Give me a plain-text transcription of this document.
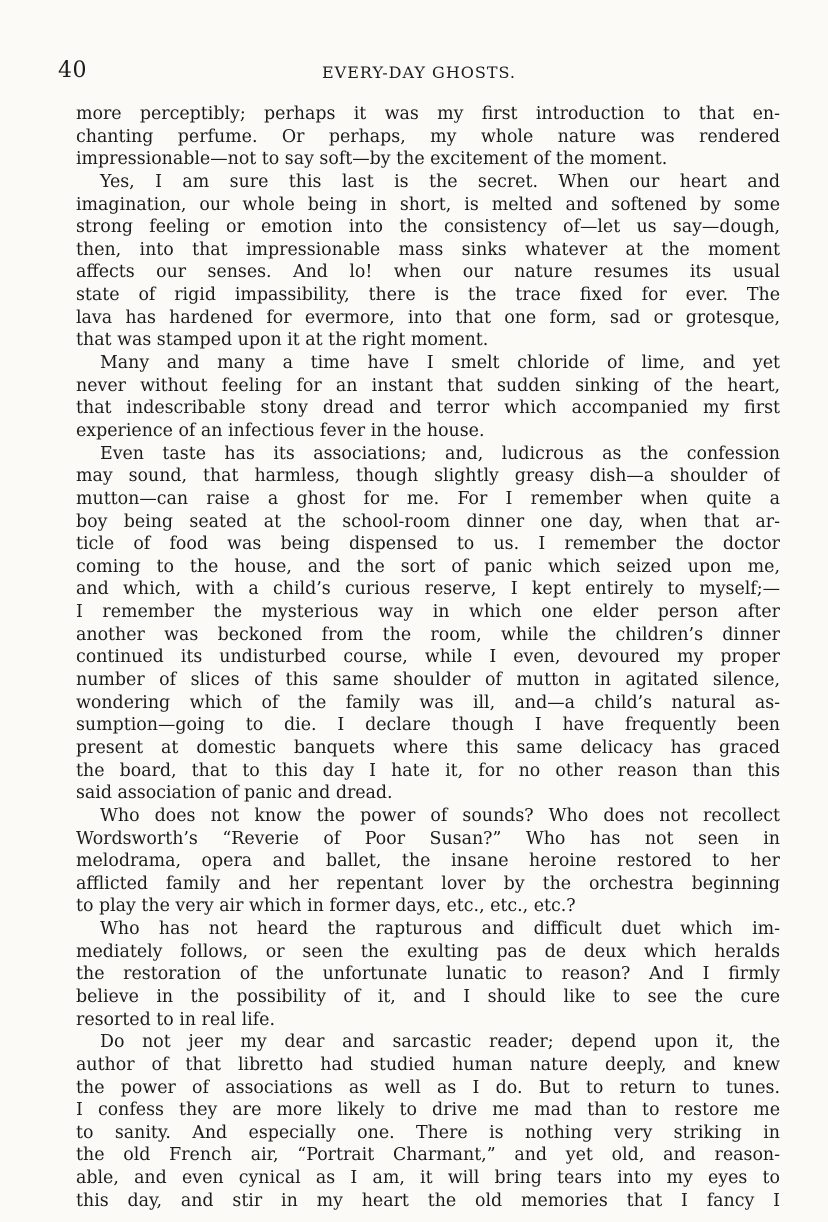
40	EVERY-DAY GHOSTS.
more perceptibly; perhaps it was my first introduction to that en-
chanting perfume. Or perhaps, my whole nature was rendered
impressionable—not to say soft—by the excitement of the moment.
Yes, I am sure this last is the secret. When our heart and
imagination, our whole being in short, is melted and softened by some
strong feeling or emotion into the consistency of—let us say—dough,
then, into that impressionable mass sinks whatever at the moment
affects our senses. And lo! when our nature resumes its usual
state of rigid impassibility, there is the trace fixed for ever. The
lava has hardened for evermore, into that one form, sad or grotesque,
that was stamped upon it at the right moment.
Many and many a time have I smelt chloride of lime, and yet
never without feeling for an instant that sudden sinking of the heart,
that indescribable stony dread and terror which accompanied my first
experience of an infectious fever in the house.
Even taste has its associations; and, ludicrous as the confession
may sound, that harmless, though slightly greasy dish—a shoulder of
mutton—can raise a ghost for me. For I remember when quite a
boy being seated at the school-room dinner one day, when that ar-
ticle of food was being dispensed to us. I remember the doctor
coming to the house, and the sort of panic which seized upon me,
and which, with a child’s curious reserve, I kept entirely to myself;—
I remember the mysterious way in which one elder person after
another was beckoned from the room, while the children’s dinner
continued its undisturbed course, while I even, devoured my proper
number of slices of this same shoulder of mutton in agitated silence,
wondering which of the family was ill, and—a child’s natural as-
sumption—going to die. I declare though I have frequently been
present at domestic banquets where this same delicacy has graced
the board, that to this day I hate it, for no other reason than this
said association of panic and dread.
Who does not know the power of sounds? Who does not recollect
Wordsworth’s “Reverie of Poor Susan?” Who has not seen in
melodrama, opera and ballet, the insane heroine restored to her
afflicted family and her repentant lover by the orchestra beginning
to play the very air which in former days, etc., etc., etc.?
Who has not heard the rapturous and difficult duet which im-
mediately follows, or seen the exulting pas de deux which heralds
the restoration of the unfortunate lunatic to reason? And I firmly
believe in the possibility of it, and I should like to see the cure
resorted to in real life.
Do not jeer my dear and sarcastic reader; depend upon it, the
author of that libretto had studied human nature deeply, and knew
the power of associations as well as I do. But to return to tunes.
I confess they are more likely to drive me mad than to restore me
to sanity. And especially one. There is nothing very striking in
the old French air, “Portrait Charmant,” and yet old, and reason-
able, and even cynical as I am, it will bring tears into my eyes to
this day, and stir in my heart the old memories that I fancy I
